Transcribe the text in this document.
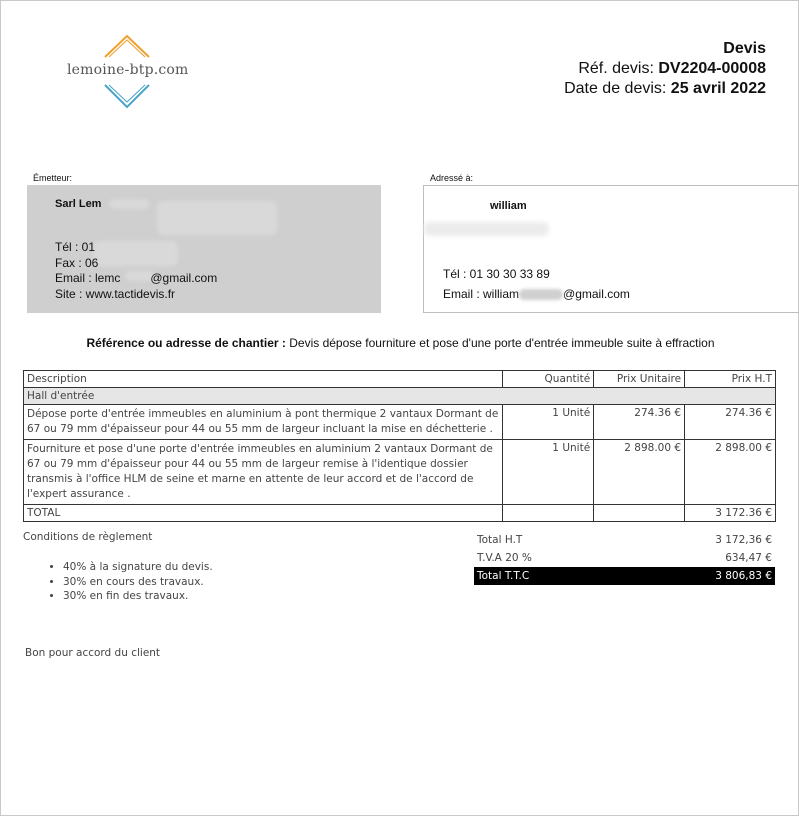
lemoine-btp.com
Devis
Réf. devis: DV2204-00008
Date de devis: 25 avril 2022
Émetteur:
Sarl Lem
Tél : 01
Fax : 06
Email : lemc	@gmail.com
Site : www.tactidevis.fr
Adressé à:
william
Tél : 01 30 30 33 89
Email : william	@gmail.com
Référence ou adresse de chantier : Devis dépose fourniture et pose d'une porte d'entrée immeuble suite à effraction
Description	Quantité	Prix Unitaire	Prix H.T
Hall d'entrée			
Dépose porte d'entrée immeubles en aluminium à pont thermique 2 vantaux Dormant de 67 ou 79 mm d'épaisseur pour 44 ou 55 mm de largeur incluant la mise en déchetterie .	1 Unité	274.36 €	274.36 €
Fourniture et pose d'une porte d'entrée immeubles en aluminium 2 vantaux Dormant de 67 ou 79 mm d'épaisseur pour 44 ou 55 mm de largeur remise à l'identique dossier transmis à l'office HLM de seine et marne en attente de leur accord et de l'accord de l'expert assurance .	1 Unité	2 898.00 €	2 898.00 €
TOTAL			3 172.36 €
Conditions de règlement
• 40% à la signature du devis.
• 30% en cours des travaux.
• 30% en fin des travaux.
Total H.T	3 172,36 €
T.V.A 20 %	634,47 €
Total T.T.C	3 806,83 €
Bon pour accord du client
